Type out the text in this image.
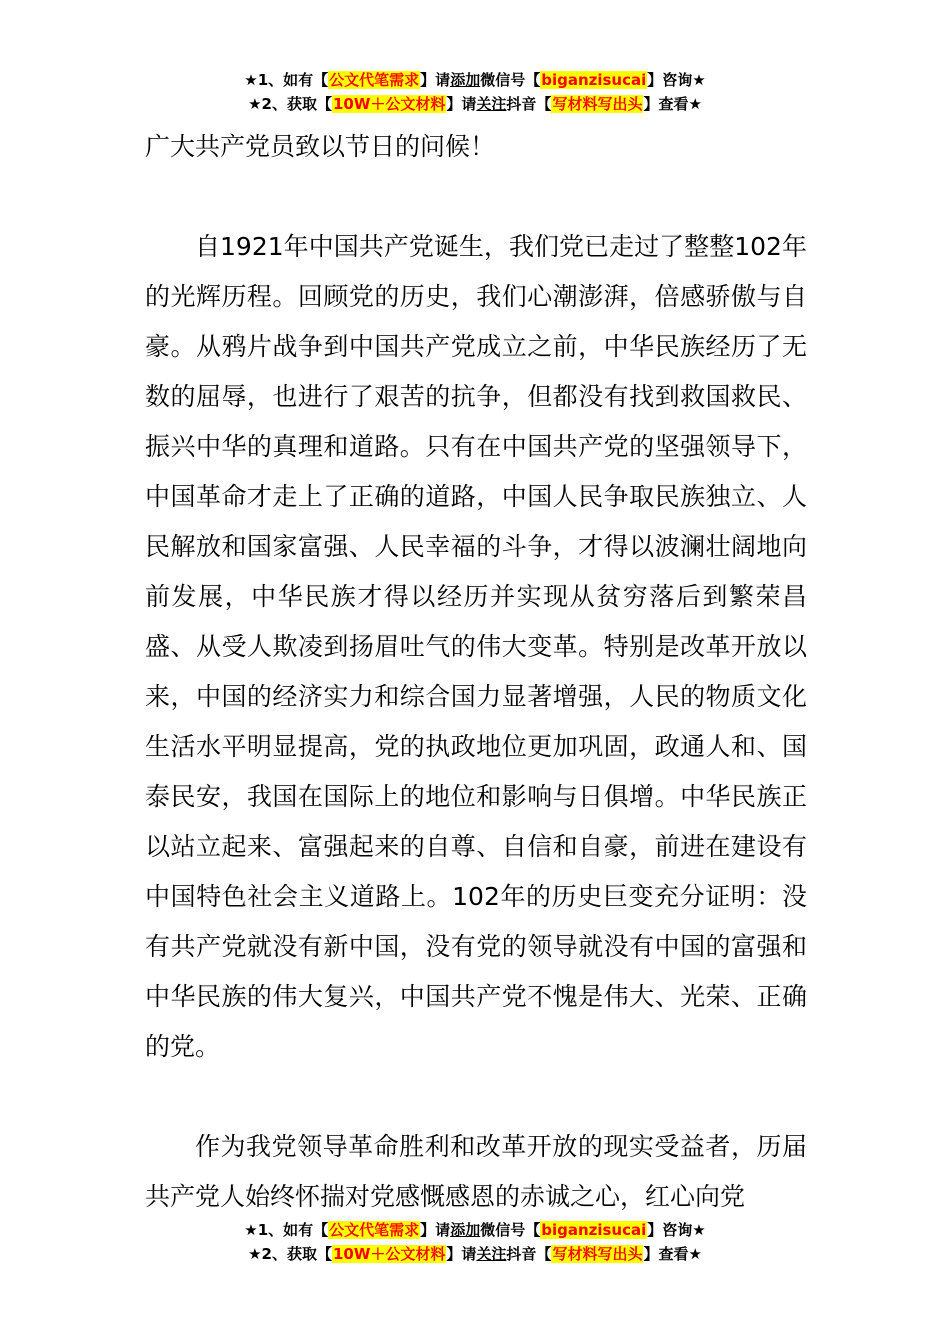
★1、如有【公文代笔需求】请添加微信号【biganzisucai】咨询★
★2、获取【10W＋公文材料】请关注抖音【写材料写出头】查看★

广大共产党员致以节日的问候！

自1921年中国共产党诞生，我们党已走过了整整102年的光辉历程。回顾党的历史，我们心潮澎湃，倍感骄傲与自豪。从鸦片战争到中国共产党成立之前，中华民族经历了无数的屈辱，也进行了艰苦的抗争，但都没有找到救国救民、振兴中华的真理和道路。只有在中国共产党的坚强领导下，中国革命才走上了正确的道路，中国人民争取民族独立、人民解放和国家富强、人民幸福的斗争，才得以波澜壮阔地向前发展，中华民族才得以经历并实现从贫穷落后到繁荣昌盛、从受人欺凌到扬眉吐气的伟大变革。特别是改革开放以来，中国的经济实力和综合国力显著增强，人民的物质文化生活水平明显提高，党的执政地位更加巩固，政通人和、国泰民安，我国在国际上的地位和影响与日俱增。中华民族正以站立起来、富强起来的自尊、自信和自豪，前进在建设有中国特色社会主义道路上。102年的历史巨变充分证明：没有共产党就没有新中国，没有党的领导就没有中国的富强和中华民族的伟大复兴，中国共产党不愧是伟大、光荣、正确的党。

作为我党领导革命胜利和改革开放的现实受益者，历届共产党人始终怀揣对党感慨感恩的赤诚之心，红心向党

★1、如有【公文代笔需求】请添加微信号【biganzisucai】咨询★
★2、获取【10W＋公文材料】请关注抖音【写材料写出头】查看★
